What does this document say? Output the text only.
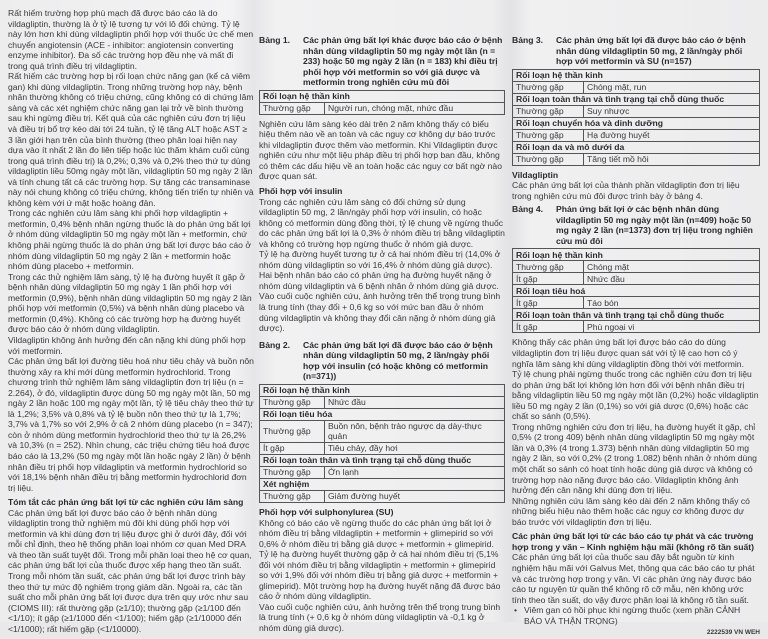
Rất hiếm trường hợp phù mạch đã được báo cáo là do vildagliptin, thường là ở tỷ lệ tương tự với lô đối chứng. Tỷ lệ này lớn hơn khi dùng vildagliptin phối hợp với thuốc ức chế men chuyển angiotensin (ACE - inhibitor: angiotensin converting enzyme inhibitor). Đa số các trường hợp đều nhẹ và mất đi trong quá trình điều trị vildagliptin.

Rất hiếm các trường hợp bị rối loạn chức năng gan (kể cả viêm gan) khi dùng vildagliptin. Trong những trường hợp này, bệnh nhân thường không có triệu chứng, cũng không có di chứng lâm sàng và các xét nghiệm chức năng gan lại trở về bình thường sau khi ngừng điều trị. Kết quả của các nghiên cứu đơn trị liệu và điều trị bổ trợ kéo dài tới 24 tuần, tỷ lệ tăng ALT hoặc AST ≥ 3 lần giới hạn trên của bình thường (theo phân loại hiện nay dựa vào ít nhất 2 lần đo liên tiếp hoặc lúc thăm khám cuối cùng trong quá trình điều trị) là 0,2%; 0,3% và 0,2% theo thứ tự dùng vildagliptin liều 50mg ngày một lần, vildagliptin 50 mg ngày 2 lần và tính chung tất cả các trường hợp. Sự tăng các transaminase này nói chung không có triệu chứng, không tiến triển tự nhiên và không kèm với ứ mật hoặc hoàng đản.

Trong các nghiên cứu lâm sàng khi phối hợp vildagliptin + metformin, 0,4% bệnh nhân ngừng thuốc là do phản ứng bất lợi ở nhóm dùng vildagliptin 50 mg ngày một lần + metformin, chứ không phải ngừng thuốc là do phản ứng bất lợi được báo cáo ở nhóm dùng vildagliptin 50 mg ngày 2 lần + metformin hoặc nhóm dùng placebo + metformin.

Trong các thử nghiệm lâm sàng, tỷ lệ hạ đường huyết ít gặp ở bệnh nhân dùng vildagliptin 50 mg ngày 1 lần phối hợp với metformin (0,9%), bệnh nhân dùng vildagliptin 50 mg ngày 2 lần phối hợp với metformin (0,5%) và bệnh nhân dùng placebo và metformin (0,4%). Không có các trường hợp hạ đường huyết được báo cáo ở nhóm dùng vildagliptin.

Vildagliptin không ảnh hưởng đến cân nặng khi dùng phối hợp với metformin.

Các phản ứng bất lợi đường tiêu hoá như tiêu chảy và buồn nôn thường xảy ra khi mới dùng metformin hydrochlorid. Trong chương trình thử nghiệm lâm sàng vildagliptin đơn trị liệu (n = 2.264), ở đó, vildagliptin được dùng 50 mg ngày một lần, 50 mg ngày 2 lần hoặc 100 mg ngày một lần, tỷ lệ tiêu chảy theo thứ tự là 1,2%; 3,5% và 0,8% và tỷ lệ buồn nôn theo thứ tự là 1,7%; 3,7% và 1,7% so với 2,9% ở cả 2 nhóm dùng placebo (n = 347); còn ở nhóm dùng metformin hydrochlorid theo thứ tự là 26,2% và 10,3% (n = 252). Nhìn chung, các triệu chứng tiêu hoá được báo cáo là 13,2% (50 mg ngày một lần hoặc ngày 2 lần) ở bệnh nhân điều trị phối hợp vildagliptin và metformin hydrochlorid so với 18,1% bệnh nhân điều trị bằng metformin hydrochlorid đơn trị liệu.

Tóm tắt các phản ứng bất lợi từ các nghiên cứu lâm sàng

Các phản ứng bất lợi được báo cáo ở bệnh nhân dùng vildagliptin trong thử nghiệm mù đôi khi dùng phối hợp với metformin và khi dùng đơn trị liệu được ghi ở dưới đây, đối với mỗi chỉ định, theo hệ thống phân loại nhóm cơ quan Med DRA và theo tần suất tuyệt đối. Trong mỗi phân loại theo hệ cơ quan, các phản ứng bất lợi của thuốc được xếp hạng theo tần suất. Trong mỗi nhóm tần suất, các phản ứng bất lợi được trình bày theo thứ tự mức độ nghiêm trọng giảm dần. Ngoài ra, các tần suất cho mỗi phản ứng bất lợi được dựa trên quy ước như sau (CIOMS III): rất thường gặp (≥1/10); thường gặp (≥1/100 đến <1/10); ít gặp (≥1/1000 đến <1/100); hiếm gặp (≥1/10000 đến <1/1000); rất hiếm gặp (<1/10000).

Bảng 1.	Các phản ứng bất lợi khác được báo cáo ở bệnh nhân dùng vildagliptin 50 mg ngày một lần (n = 233) hoặc 50 mg ngày 2 lần (n = 183) khi điều trị phối hợp với metformin so với giả dược và metformin trong nghiên cứu mù đôi
Rối loạn hệ thần kinh
Thường gặp	Người run, chóng mặt, nhức đầu

Nghiên cứu lâm sàng kéo dài trên 2 năm không thấy có biểu hiệu thêm nào về an toàn và các nguy cơ không dự báo trước khi vildagliptin được thêm vào metformin. Khi Vildagliptin được nghiên cứu như một liệu pháp điều trị phối hợp ban đầu, không có thêm các dấu hiệu về an toàn hoặc các nguy cơ bất ngờ nào được quan sát.

Phối hợp với insulin

Trong các nghiên cứu lâm sàng có đối chứng sử dụng vildagliptin 50 mg, 2 lần/ngày phối hợp với insulin, có hoặc không có metformin dùng đồng thời, tỷ lệ chung về ngừng thuốc do các phản ứng bất lợi là 0,3% ở nhóm điều trị bằng vildagliptin và không có trường hợp ngừng thuốc ở nhóm giả dược.

Tỷ lệ hạ đường huyết tương tự ở cả hai nhóm điều trị (14,0% ở nhóm dùng vildagliptin so với 16,4% ở nhóm dùng giả dược). Hai bệnh nhân báo cáo có phản ứng hạ đường huyết nặng ở nhóm dùng vildagliptin và 6 bệnh nhân ở nhóm dùng giả dược.

Vào cuối cuộc nghiên cứu, ảnh hưởng trên thể trọng trung bình là trung tính (thay đổi + 0,6 kg so với mức ban đầu ở nhóm dùng vildagliptin và không thay đổi cân nặng ở nhóm dùng giả dược).

Bảng 2.	Các phản ứng bất lợi đã được báo cáo ở bệnh nhân dùng vildagliptin 50 mg, 2 lần/ngày phối hợp với insulin (có hoặc không có metformin (n=371))
Rối loạn hệ thần kinh	
Thường gặp	Nhức đầu
Rối loạn tiêu hóa	
Thường gặp	Buồn nôn, bệnh trào ngược dạ dày-thực quản
Ít gặp	Tiêu chảy, đầy hơi
Rối loạn toàn thân và tình trạng tại chỗ dùng thuốc	
Thường gặp	Ớn lạnh
Xét nghiệm	
Thường gặp	Giảm đường huyết

Phối hợp với sulphonylurea (SU)

Không có báo cáo về ngừng thuốc do các phản ứng bất lợi ở nhóm điều trị bằng vildagliptin + metformin + glimepirid so với 0,6% ở nhóm điều trị bằng giả dược + metformin + glimepirid.

Tỷ lệ hạ đường huyết thường gặp ở cả hai nhóm điều trị (5,1% đối với nhóm điều trị bằng vildagliptin + metformin + glimepirid so với 1,9% đối với nhóm điều trị bằng giả dược + metformin + glimepirid). Một trường hợp hạ đường huyết nặng đã được báo cáo ở nhóm dùng vildagliptin.

Vào cuối cuộc nghiên cứu, ảnh hưởng trên thể trọng trung bình là trung tính (+ 0,6 kg ở nhóm dùng vildagliptin và -0,1 kg ở nhóm dùng giả dược).

Bảng 3.	Các phản ứng bất lợi đã được báo cáo ở bệnh nhân dùng vildagliptin 50 mg, 2 lần/ngày phối hợp với metformin và SU (n=157)
Rối loạn hệ thần kinh	
Thường gặp	Chóng mặt, run
Rối loạn toàn thân và tình trạng tại chỗ dùng thuốc	
Thường gặp	Suy nhược
Rối loạn chuyển hóa và dinh dưỡng	
Thường gặp	Hạ đường huyết
Rối loạn da và mô dưới da	
Thường gặp	Tăng tiết mồ hôi

Vildagliptin

Các phản ứng bất lợi của thành phần vildagliptin đơn trị liệu trong nghiên cứu mù đôi được trình bày ở bảng 4.

Bảng 4.	Phản ứng bất lợi ở các bệnh nhân dùng vildagliptin 50 mg ngày một lần (n=409) hoặc 50 mg ngày 2 lần (n=1373) đơn trị liệu trong nghiên cứu mù đôi
Rối loạn hệ thần kinh	
Thường gặp	Chóng mặt
Ít gặp	Nhức đầu
Rối loạn tiêu hoá	
Ít gặp	Táo bón
Rối loạn toàn thân và tình trạng tại chỗ dùng thuốc	
Ít gặp	Phù ngoại vi

Không thấy các phản ứng bất lợi được báo cáo do dùng vildagliptin đơn trị liệu được quan sát với tỷ lệ cao hơn có ý nghĩa lâm sàng khi dùng vildagliptin đồng thời với metformin.

Tỷ lệ chung phải ngừng thuốc trong các nghiên cứu đơn trị liệu do phản ứng bất lợi không lớn hơn đối với bệnh nhân điều trị bằng vildagliptin liều 50 mg ngày một lần (0,2%) hoặc vildagliptin liều 50 mg ngày 2 lần (0,1%) so với giả dược (0,6%) hoặc các chất so sánh (0,5%).

Trong những nghiên cứu đơn trị liệu, hạ đường huyết ít gặp, chỉ 0,5% (2 trong 409) bệnh nhân dùng vildagliptin 50 mg ngày một lần và 0,3% (4 trong 1.373) bệnh nhân dùng vildagliptin 50 mg ngày 2 lần, so với 0,2% (2 trong 1.082) bệnh nhân ở nhóm dùng một chất so sánh có hoạt tính hoặc dùng giả dược và không có trường hợp nào nặng được báo cáo. Vildagliptin không ảnh hưởng đến cân nặng khi dùng đơn trị liệu.

Những nghiên cứu lâm sàng kéo dài đến 2 năm không thấy có những biểu hiệu nào thêm hoặc các nguy cơ không được dự báo trước với vildagliptin đơn trị liệu.

Các phản ứng bất lợi từ các báo cáo tự phát và các trường hợp trong y văn – Kinh nghiệm hậu mãi (không rõ tần suất)

Các phản ứng bất lợi của thuốc sau đây bắt nguồn từ kinh nghiệm hậu mãi với Galvus Met, thông qua các báo cáo tự phát và các trường hợp trong y văn. Vì các phản ứng này được báo cáo tự nguyện từ quần thể không rõ cỡ mẫu, nên không ước tính theo tần suất, do vậy được phân loại là không rõ tần suất.

• Viêm gan có hồi phục khi ngừng thuốc (xem phần CẢNH BÁO VÀ THẬN TRỌNG)
2222539 VN WEH
